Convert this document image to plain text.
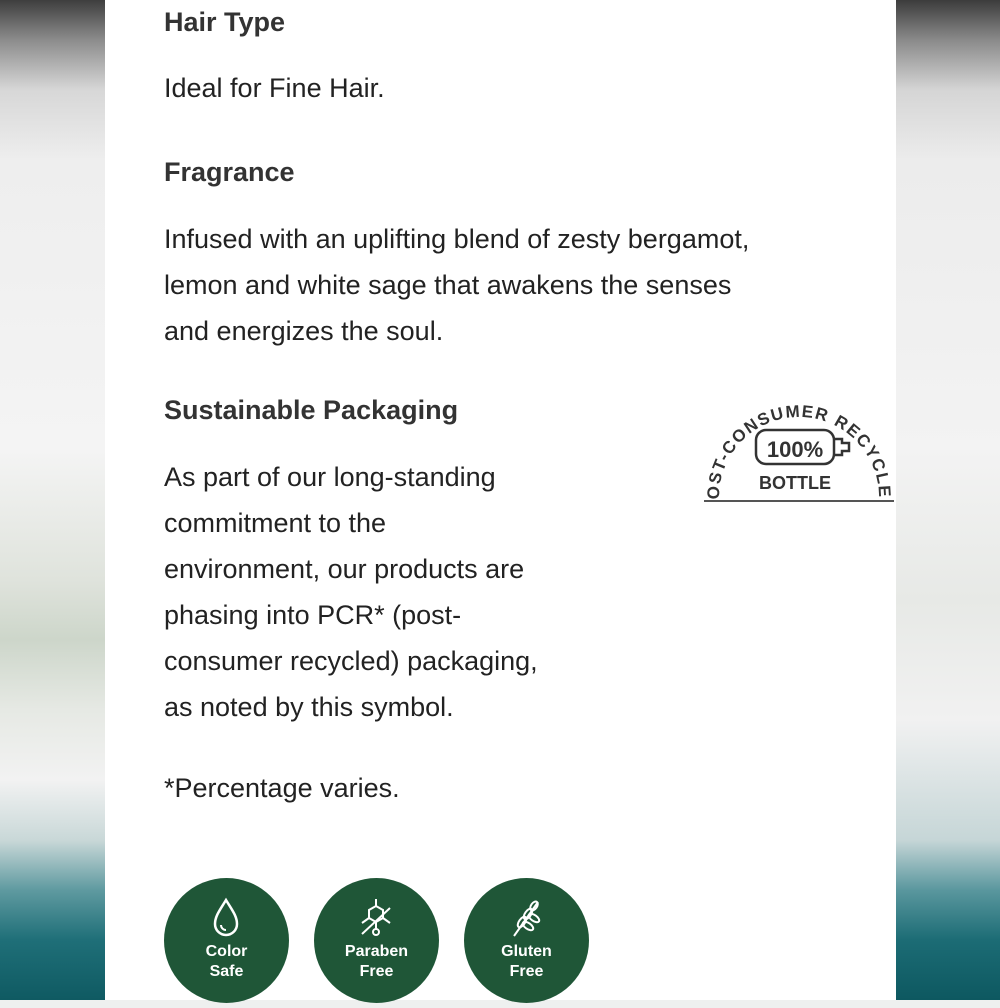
Hair Type

Ideal for Fine Hair.

Fragrance

Infused with an uplifting blend of zesty bergamot,
lemon and white sage that awakens the senses
and energizes the soul.

Sustainable Packaging

As part of our long-standing
commitment to the
environment, our products are
phasing into PCR* (post-
consumer recycled) packaging,
as noted by this symbol.

*Percentage varies.

OST-CONSUMER RECYCLE
100%
BOTTLE
Color
Safe
Paraben
Free
Gluten
Free
